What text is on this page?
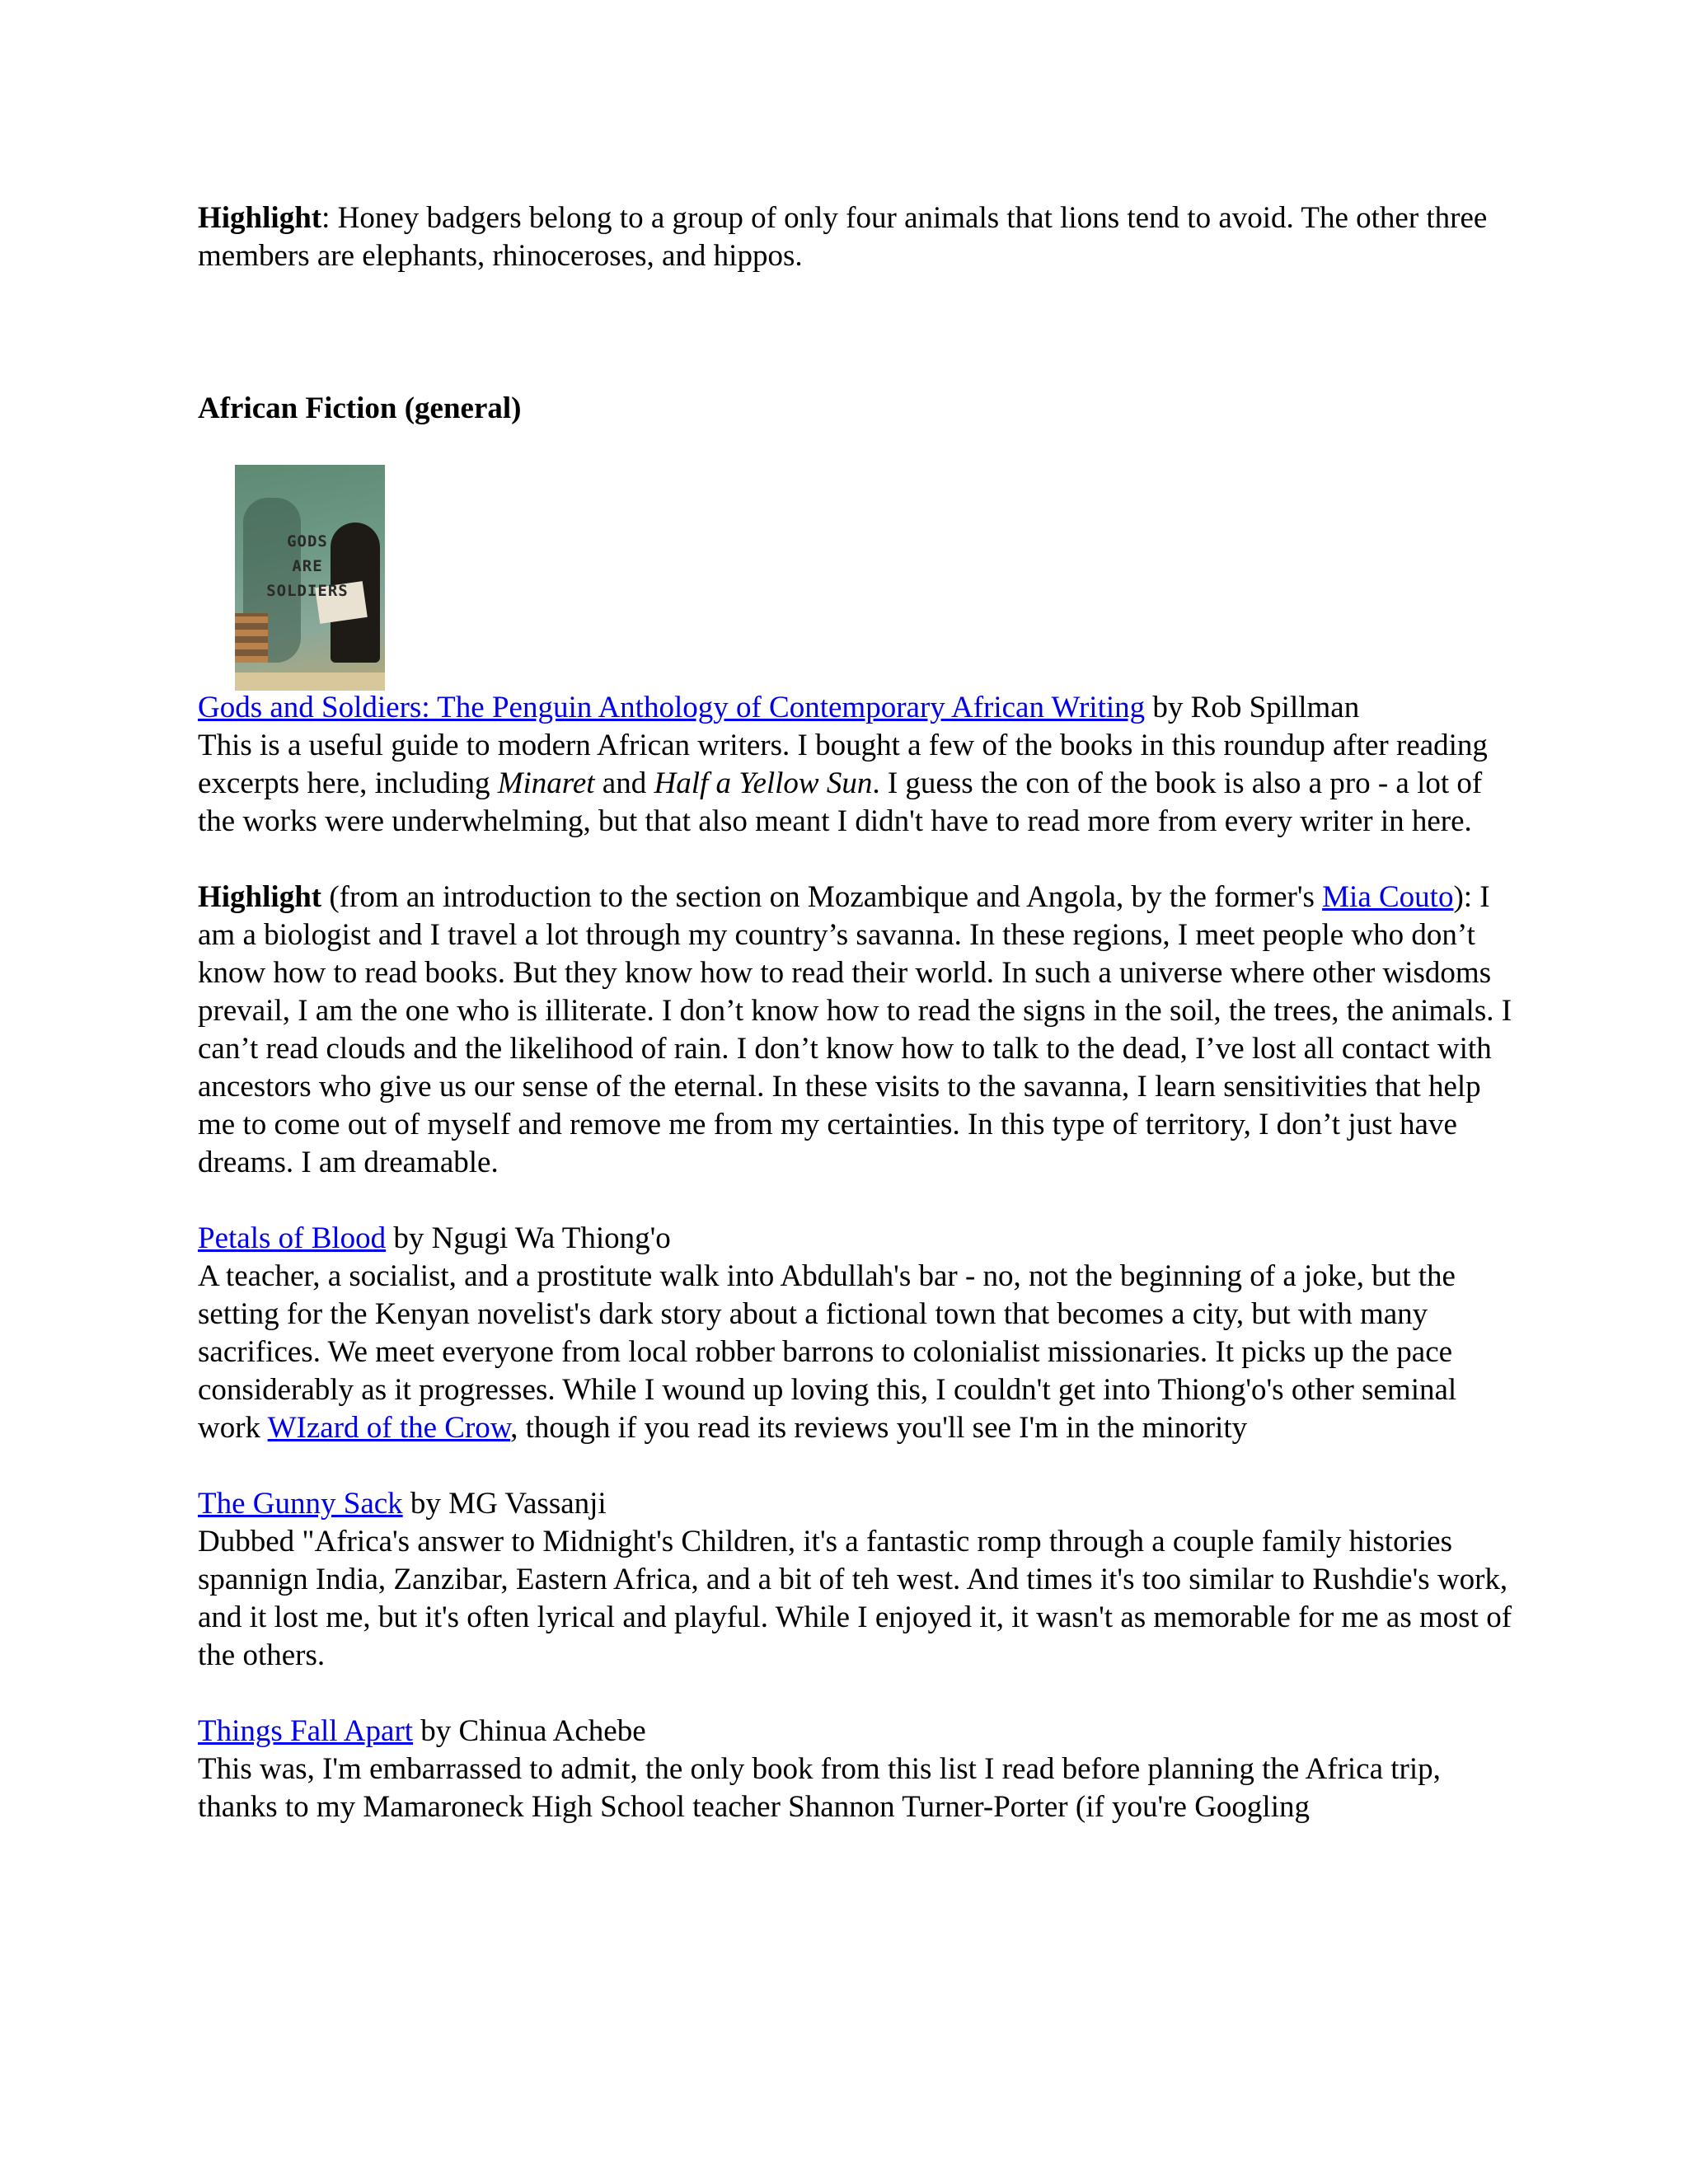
Highlight: Honey badgers belong to a group of only four animals that lions tend to avoid. The other three members are elephants, rhinoceroses, and hippos.

African Fiction (general)
GODS
ARE
SOLDIERS

Gods and Soldiers: The Penguin Anthology of Contemporary African Writing by Rob Spillman
This is a useful guide to modern African writers. I bought a few of the books in this roundup after reading excerpts here, including Minaret and Half a Yellow Sun. I guess the con of the book is also a pro - a lot of the works were underwhelming, but that also meant I didn't have to read more from every writer in here.

Highlight (from an introduction to the section on Mozambique and Angola, by the former's Mia Couto): I am a biologist and I travel a lot through my country’s savanna. In these regions, I meet people who don’t know how to read books. But they know how to read their world. In such a universe where other wisdoms prevail, I am the one who is illiterate. I don’t know how to read the signs in the soil, the trees, the animals. I can’t read clouds and the likelihood of rain. I don’t know how to talk to the dead, I’ve lost all contact with ancestors who give us our sense of the eternal. In these visits to the savanna, I learn sensitivities that help me to come out of myself and remove me from my certainties. In this type of territory, I don’t just have dreams. I am dreamable.

Petals of Blood by Ngugi Wa Thiong'o
A teacher, a socialist, and a prostitute walk into Abdullah's bar - no, not the beginning of a joke, but the setting for the Kenyan novelist's dark story about a fictional town that becomes a city, but with many sacrifices. We meet everyone from local robber barrons to colonialist missionaries. It picks up the pace considerably as it progresses. While I wound up loving this, I couldn't get into Thiong'o's other seminal work WIzard of the Crow, though if you read its reviews you'll see I'm in the minority

The Gunny Sack by MG Vassanji
Dubbed "Africa's answer to Midnight's Children, it's a fantastic romp through a couple family histories spannign India, Zanzibar, Eastern Africa, and a bit of teh west. And times it's too similar to Rushdie's work, and it lost me, but it's often lyrical and playful. While I enjoyed it, it wasn't as memorable for me as most of the others.

Things Fall Apart by Chinua Achebe
This was, I'm embarrassed to admit, the only book from this list I read before planning the Africa trip, thanks to my Mamaroneck High School teacher Shannon Turner-Porter (if you're Googling
